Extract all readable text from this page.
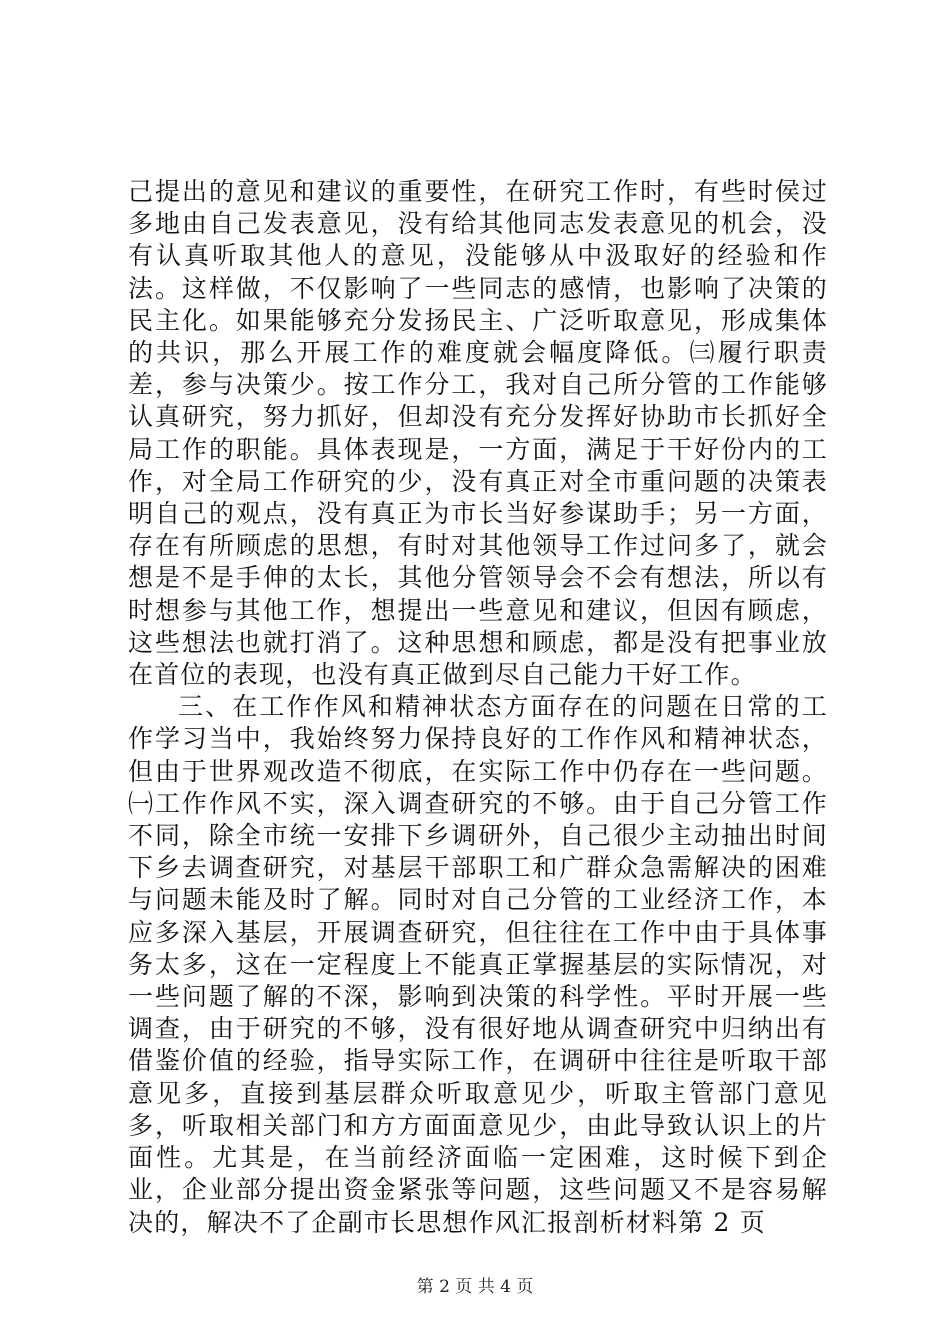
己提出的意见和建议的重要性，在研究工作时，有些时侯过多地由自己发表意见，没有给其他同志发表意见的机会，没有认真听取其他人的意见，没能够从中汲取好的经验和作法。这样做，不仅影响了一些同志的感情，也影响了决策的民主化。如果能够充分发扬民主、广泛听取意见，形成集体的共识，那么开展工作的难度就会幅度降低。㈢履行职责差，参与决策少。按工作分工，我对自己所分管的工作能够认真研究，努力抓好，但却没有充分发挥好协助市长抓好全局工作的职能。具体表现是，一方面，满足于干好份内的工作，对全局工作研究的少，没有真正对全市重问题的决策表明自己的观点，没有真正为市长当好参谋助手；另一方面，存在有所顾虑的思想，有时对其他领导工作过问多了，就会想是不是手伸的太长，其他分管领导会不会有想法，所以有时想参与其他工作，想提出一些意见和建议，但因有顾虑，这些想法也就打消了。这种思想和顾虑，都是没有把事业放在首位的表现，也没有真正做到尽自己能力干好工作。

三、在工作作风和精神状态方面存在的问题在日常的工作学习当中，我始终努力保持良好的工作作风和精神状态，但由于世界观改造不彻底，在实际工作中仍存在一些问题。㈠工作作风不实，深入调查研究的不够。由于自己分管工作不同，除全市统一安排下乡调研外，自己很少主动抽出时间下乡去调查研究，对基层干部职工和广群众急需解决的困难与问题未能及时了解。同时对自己分管的工业经济工作，本应多深入基层，开展调查研究，但往往在工作中由于具体事务太多，这在一定程度上不能真正掌握基层的实际情况，对一些问题了解的不深，影响到决策的科学性。平时开展一些调查，由于研究的不够，没有很好地从调查研究中归纳出有借鉴价值的经验，指导实际工作，在调研中往往是听取干部意见多，直接到基层群众听取意见少，听取主管部门意见多，听取相关部门和方方面面意见少，由此导致认识上的片面性。尤其是，在当前经济面临一定困难，这时候下到企业，企业部分提出资金紧张等问题，这些问题又不是容易解决的，解决不了企副市长思想作风汇报剖析材料第 2 页

第 2 页 共 4 页
